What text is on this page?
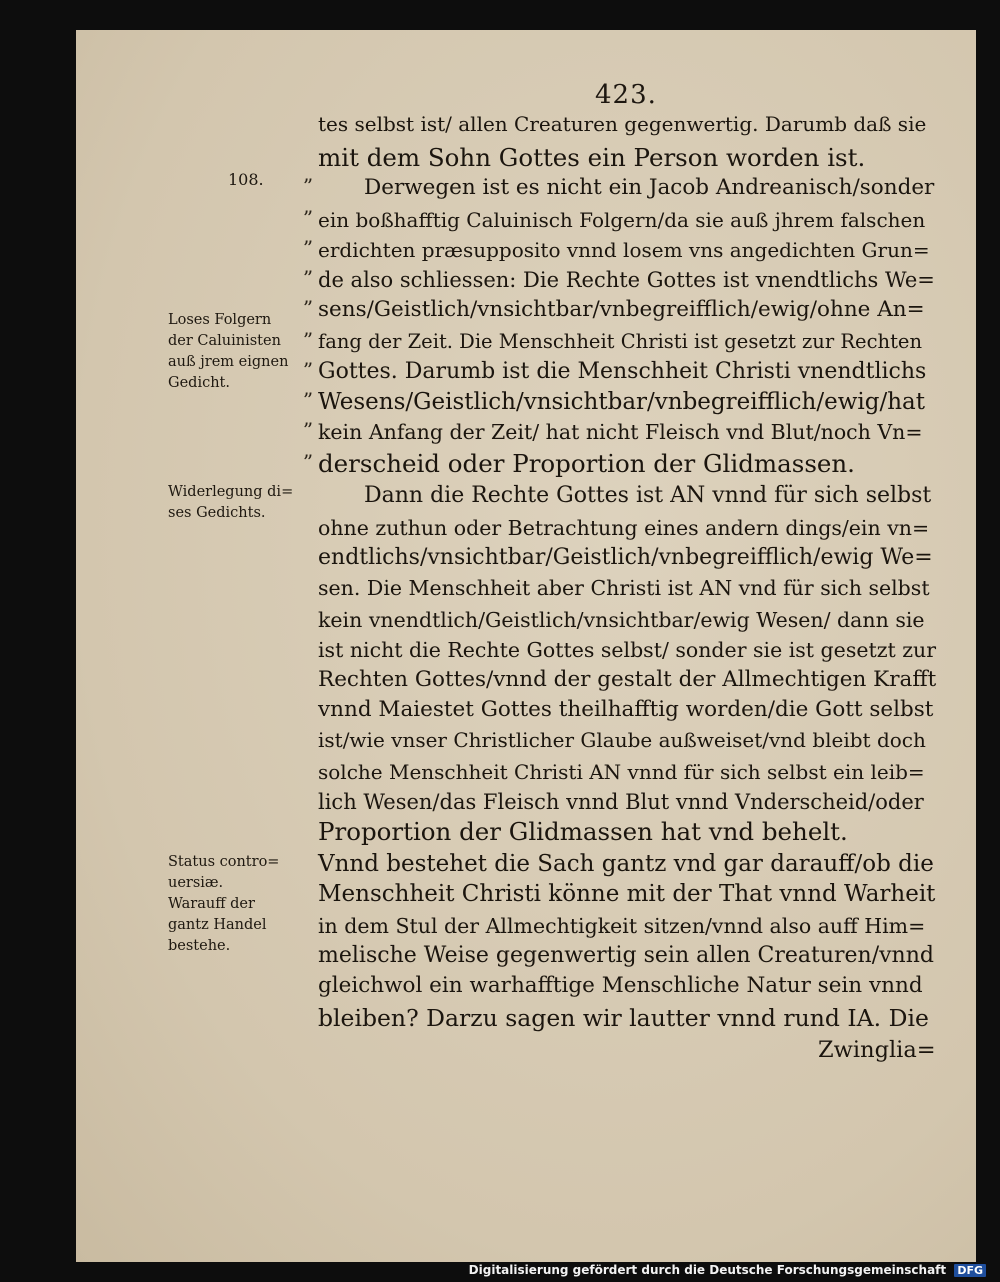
423.
tes selbst ist/ allen Creaturen gegenwertig. Darumb daß sie
mit dem Sohn Gottes ein Person worden ist.
Derwegen ist es nicht ein Jacob Andreanisch/sonder
ein boßhafftig Caluinisch Folgern/da sie auß jhrem falschen
erdichten præsupposito vnnd losem vns angedichten Grun=
de also schliessen: Die Rechte Gottes ist vnendtlichs We=
sens/Geistlich/vnsichtbar/vnbegreifflich/ewig/ohne An=
fang der Zeit. Die Menschheit Christi ist gesetzt zur Rechten
Gottes. Darumb ist die Menschheit Christi vnendtlichs
Wesens/Geistlich/vnsichtbar/vnbegreifflich/ewig/hat
kein Anfang der Zeit/ hat nicht Fleisch vnd Blut/noch Vn=
derscheid oder Proportion der Glidmassen.
Dann die Rechte Gottes ist AN vnnd für sich selbst
ohne zuthun oder Betrachtung eines andern dings/ein vn=
endtlichs/vnsichtbar/Geistlich/vnbegreifflich/ewig We=
sen. Die Menschheit aber Christi ist AN vnd für sich selbst
kein vnendtlich/Geistlich/vnsichtbar/ewig Wesen/ dann sie
ist nicht die Rechte Gottes selbst/ sonder sie ist gesetzt zur
Rechten Gottes/vnnd der gestalt der Allmechtigen Krafft
vnnd Maiestet Gottes theilhafftig worden/die Gott selbst
ist/wie vnser Christlicher Glaube außweiset/vnd bleibt doch
solche Menschheit Christi AN vnnd für sich selbst ein leib=
lich Wesen/das Fleisch vnnd Blut vnnd Vnderscheid/oder
Proportion der Glidmassen hat vnd behelt.
Vnnd bestehet die Sach gantz vnd gar darauff/ob die
Menschheit Christi könne mit der That vnnd Warheit
in dem Stul der Allmechtigkeit sitzen/vnnd also auff Him=
melische Weise gegenwertig sein allen Creaturen/vnnd
gleichwol ein warhafftige Menschliche Natur sein vnnd
bleiben? Darzu sagen wir lautter vnnd rund IA. Die
Zwinglia=
”
”
”
”
”
”
”
”
”
”
108.
Loses Folgern
der Caluinisten
auß jrem eignen
Gedicht.
Widerlegung di=
ses Gedichts.
Status contro=
uersiæ.
Warauff der
gantz Handel
bestehe.
Digitalisierung gefördert durch die Deutsche Forschungsgemeinschaft DFG
